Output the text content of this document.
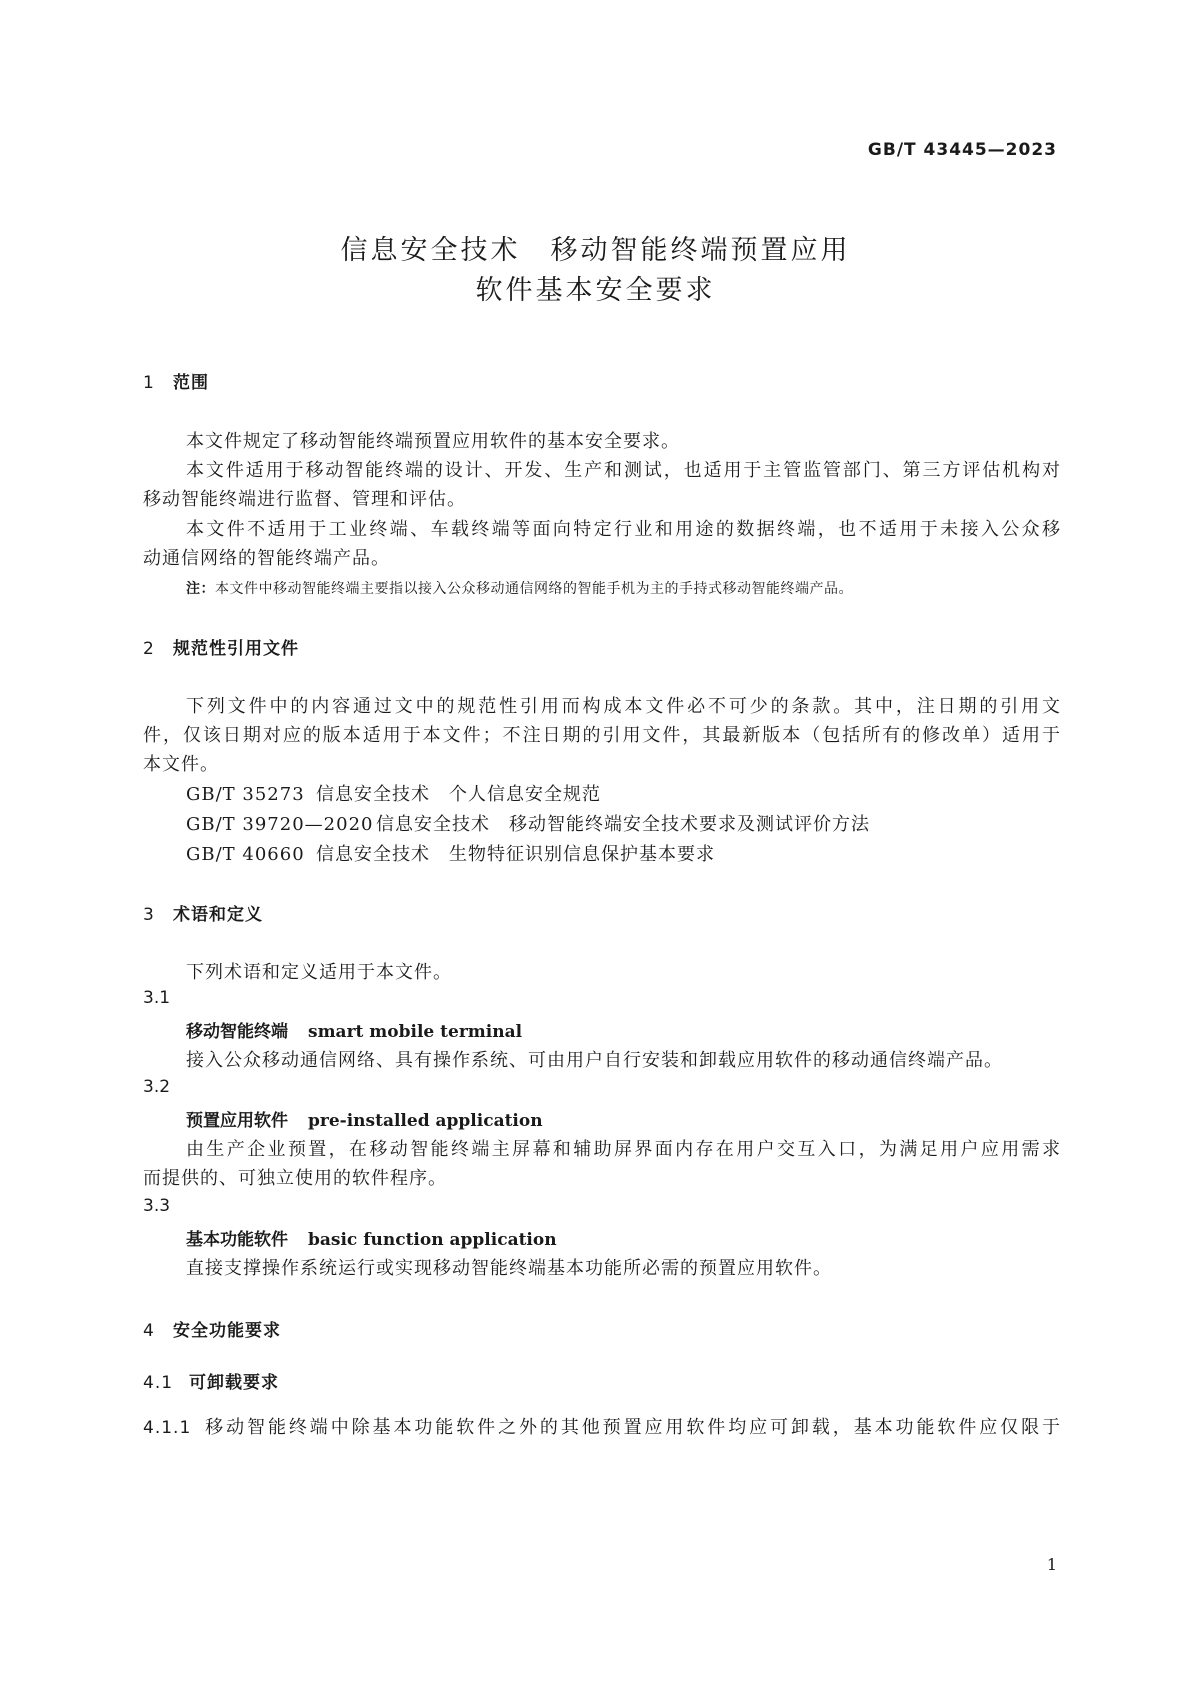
GB/T 43445—2023
信息安全技术　移动智能终端预置应用
软件基本安全要求
1 范围
本文件规定了移动智能终端预置应用软件的基本安全要求。
本文件适用于移动智能终端的设计、开发、生产和测试，也适用于主管监管部门、第三方评估机构对
移动智能终端进行监督、管理和评估。
本文件不适用于工业终端、车载终端等面向特定行业和用途的数据终端，也不适用于未接入公众移
动通信网络的智能终端产品。
注：本文件中移动智能终端主要指以接入公众移动通信网络的智能手机为主的手持式移动智能终端产品。
2 规范性引用文件
下列文件中的内容通过文中的规范性引用而构成本文件必不可少的条款。其中，注日期的引用文
件，仅该日期对应的版本适用于本文件；不注日期的引用文件，其最新版本（包括所有的修改单）适用于
本文件。
GB/T 35273 信息安全技术　个人信息安全规范
GB/T 39720—2020 信息安全技术　移动智能终端安全技术要求及测试评价方法
GB/T 40660 信息安全技术　生物特征识别信息保护基本要求
3 术语和定义
下列术语和定义适用于本文件。
3.1
移动智能终端 smart mobile terminal
接入公众移动通信网络、具有操作系统、可由用户自行安装和卸载应用软件的移动通信终端产品。
3.2
预置应用软件 pre-installed application
由生产企业预置，在移动智能终端主屏幕和辅助屏界面内存在用户交互入口，为满足用户应用需求
而提供的、可独立使用的软件程序。
3.3
基本功能软件 basic function application
直接支撑操作系统运行或实现移动智能终端基本功能所必需的预置应用软件。
4 安全功能要求
4.1 可卸载要求
4.1.1 移动智能终端中除基本功能软件之外的其他预置应用软件均应可卸载，基本功能软件应仅限于
1
